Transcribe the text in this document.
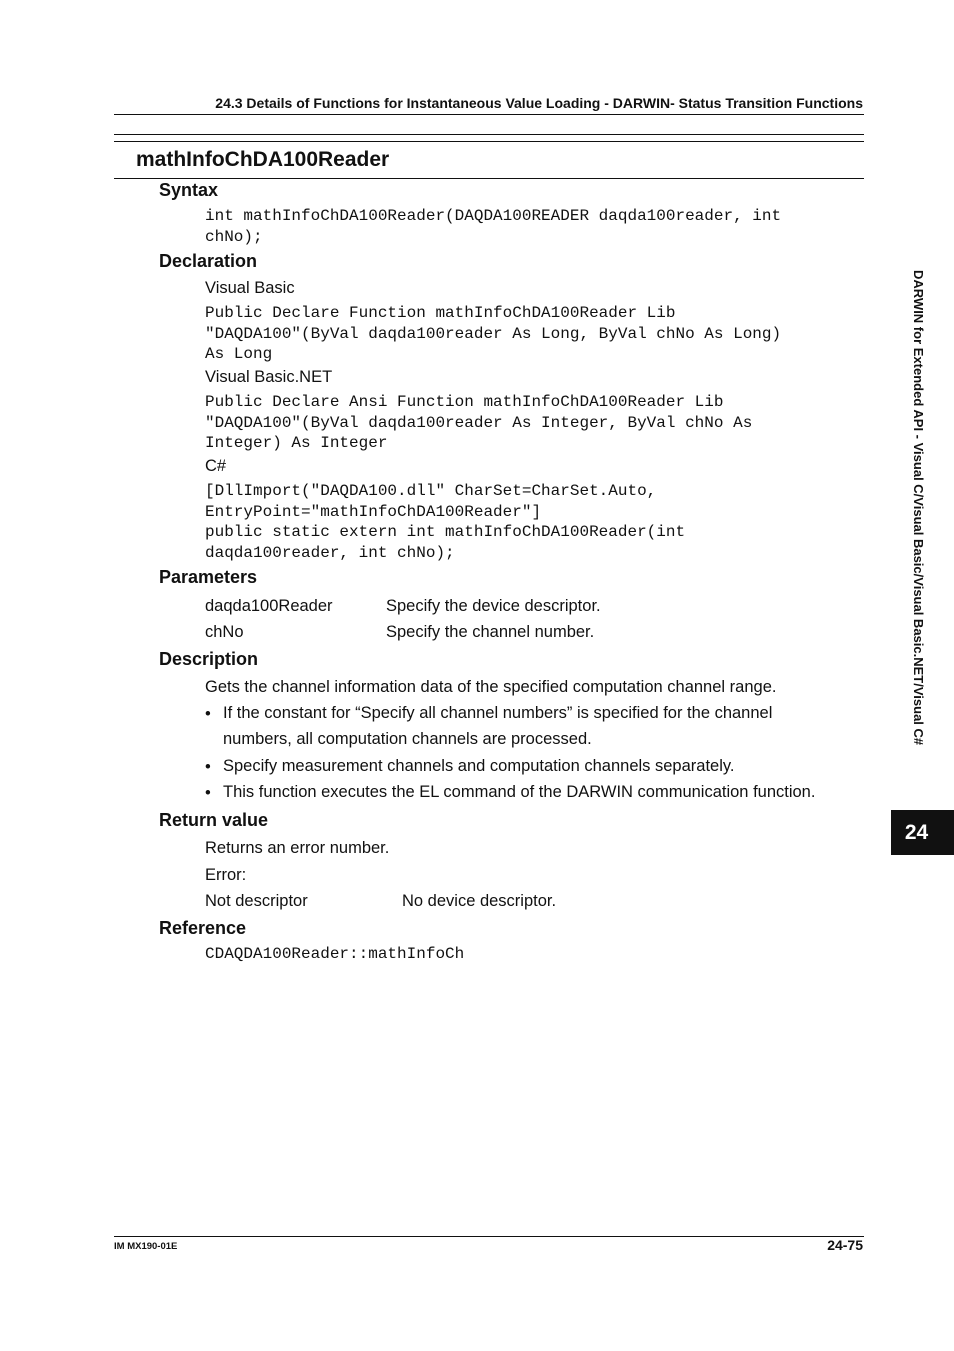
24.3 Details of Functions for Instantaneous Value Loading - DARWIN- Status Transition Functions
mathInfoChDA100Reader
Syntax
int mathInfoChDA100Reader(DAQDA100READER daqda100reader, int
chNo);
Declaration
Visual Basic
Public Declare Function mathInfoChDA100Reader Lib
"DAQDA100"(ByVal daqda100reader As Long, ByVal chNo As Long)
As Long
Visual Basic.NET
Public Declare Ansi Function mathInfoChDA100Reader Lib
"DAQDA100"(ByVal daqda100reader As Integer, ByVal chNo As
Integer) As Integer
C#
[DllImport("DAQDA100.dll" CharSet=CharSet.Auto,
EntryPoint="mathInfoChDA100Reader"]
public static extern int mathInfoChDA100Reader(int
daqda100reader, int chNo);
Parameters
daqda100Reader	Specify the device descriptor.
chNo	Specify the channel number.
Description
Gets the channel information data of the specified computation channel range.
• If the constant for “Specify all channel numbers” is specified for the channel
numbers, all computation channels are processed.
• Specify measurement channels and computation channels separately.
• This function executes the EL command of the DARWIN communication function.
Return value
Returns an error number.
Error:
Not descriptor	No device descriptor.
Reference
CDAQDA100Reader::mathInfoCh
DARWIN for Extended API - Visual C/Visual Basic/Visual Basic.NET/Visual C#
24
IM MX190-01E	24-75
